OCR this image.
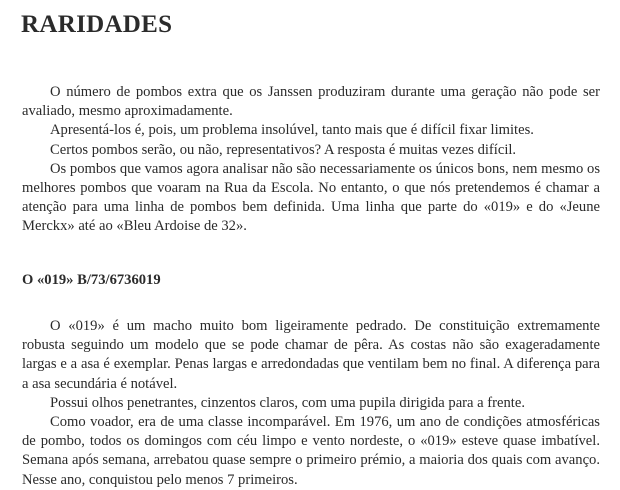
RARIDADES

O número de pombos extra que os Janssen produziram durante uma geração não pode ser avaliado, mesmo aproximadamente.

Apresentá-los é, pois, um problema insolúvel, tanto mais que é difícil fixar limites.

Certos pombos serão, ou não, representativos? A resposta é muitas vezes difícil.

Os pombos que vamos agora analisar não são necessariamente os únicos bons, nem mesmo os melhores pombos que voaram na Rua da Escola. No entanto, o que nós pretendemos é chamar a atenção para uma linha de pombos bem definida. Uma linha que parte do «019» e do «Jeune Merckx» até ao «Bleu Ardoise de 32».

O «019» B/73/6736019

O «019» é um macho muito bom ligeiramente pedrado. De constituição extremamente robusta seguindo um modelo que se pode chamar de pêra. As costas não são exageradamente largas e a asa é exemplar. Penas largas e arredondadas que ventilam bem no final. A diferença para a asa secundária é notável.

Possui olhos penetrantes, cinzentos claros, com uma pupila dirigida para a frente.

Como voador, era de uma classe incomparável. Em 1976, um ano de condições atmosféricas de pombo, todos os domingos com céu limpo e vento nordeste, o «019» esteve quase imbatível. Semana após semana, arrebatou quase sempre o primeiro prémio, a maioria dos quais com avanço. Nesse ano, conquistou pelo menos 7 primeiros.
